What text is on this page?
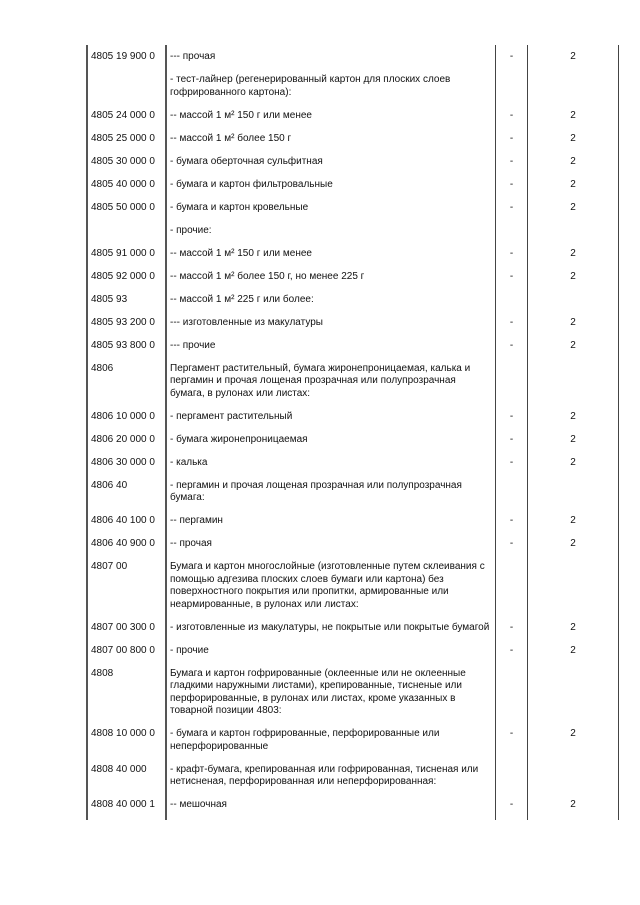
4805 19 900 0	--- прочая	-	2
	- тест-лайнер (регенерированный картон для плоских слоев гофрированного картона):		
4805 24 000 0	-- массой 1 м² 150 г или менее	-	2
4805 25 000 0	-- массой 1 м² более 150 г	-	2
4805 30 000 0	- бумага оберточная сульфитная	-	2
4805 40 000 0	- бумага и картон фильтровальные	-	2
4805 50 000 0	- бумага и картон кровельные	-	2
	- прочие:		
4805 91 000 0	-- массой 1 м² 150 г или менее	-	2
4805 92 000 0	-- массой 1 м² более 150 г, но менее 225 г	-	2
4805 93	-- массой 1 м² 225 г или более:		
4805 93 200 0	--- изготовленные из макулатуры	-	2
4805 93 800 0	--- прочие	-	2
4806	Пергамент растительный, бумага жиронепроницаемая, калька и пергамин и прочая лощеная прозрачная или полупрозрачная бумага, в рулонах или листах:		
4806 10 000 0	- пергамент растительный	-	2
4806 20 000 0	- бумага жиронепроницаемая	-	2
4806 30 000 0	- калька	-	2
4806 40	- пергамин и прочая лощеная прозрачная или полупрозрачная бумага:		
4806 40 100 0	-- пергамин	-	2
4806 40 900 0	-- прочая	-	2
4807 00	Бумага и картон многослойные (изготовленные путем склеивания с помощью адгезива плоских слоев бумаги или картона) без поверхностного покрытия или пропитки, армированные или неармированные, в рулонах или листах:		
4807 00 300 0	- изготовленные из макулатуры, не покрытые или покрытые бумагой	-	2
4807 00 800 0	- прочие	-	2
4808	Бумага и картон гофрированные (оклеенные или не оклеенные гладкими наружными листами), крепированные, тисненые или перфорированные, в рулонах или листах, кроме указанных в товарной позиции 4803:		
4808 10 000 0	- бумага и картон гофрированные, перфорированные или неперфорированные	-	2
4808 40 000	- крафт-бумага, крепированная или гофрированная, тисненая или нетисненая, перфорированная или неперфорированная:		
4808 40 000 1	-- мешочная	-	2
